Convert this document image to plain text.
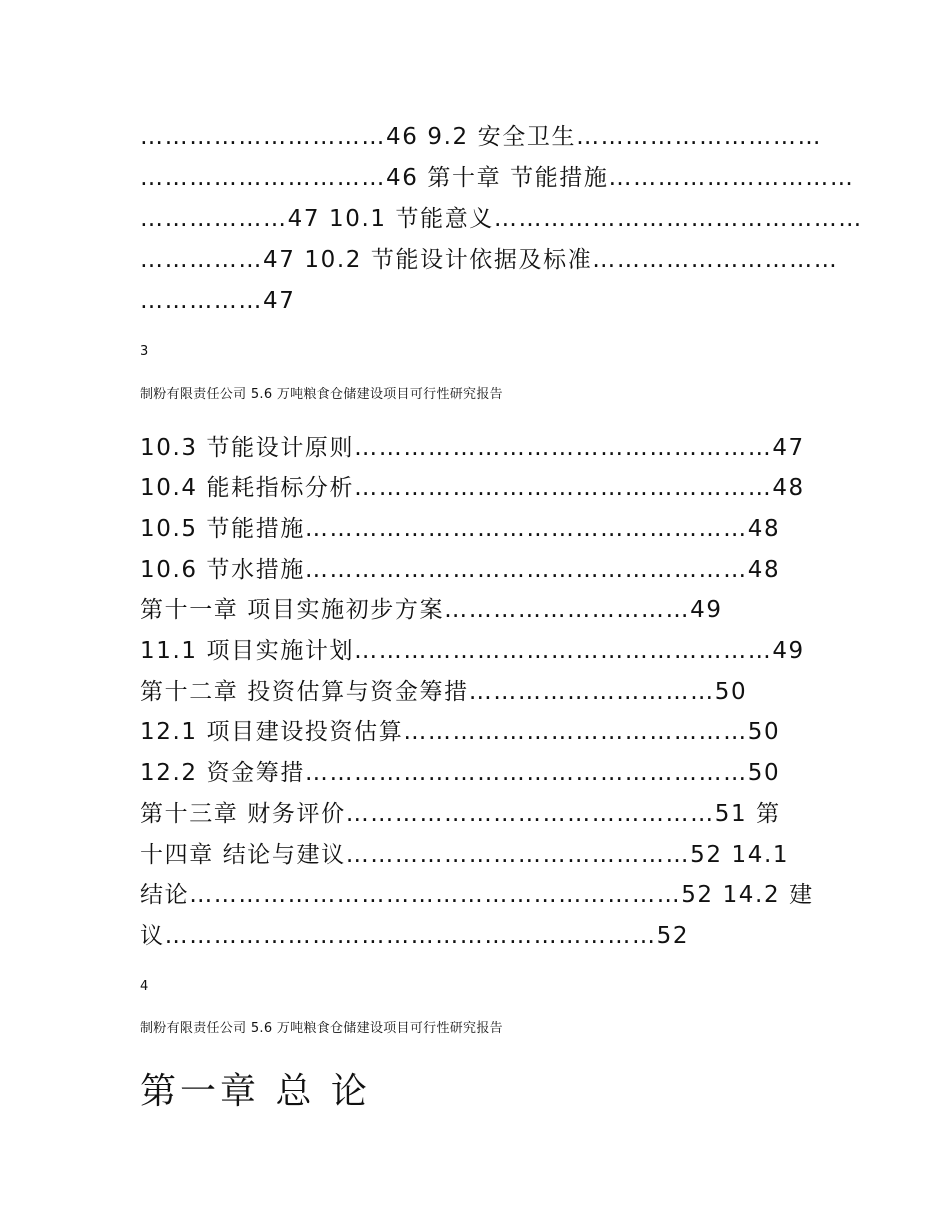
…………………………46 9.2 安全卫生…………………………
…………………………46 第十章 节能措施…………………………
………………47 10.1 节能意义………………………………………
……………47 10.2 节能设计依据及标准…………………………
……………47
3
制粉有限责任公司 5.6 万吨粮食仓储建设项目可行性研究报告
10.3 节能设计原则……………………………………………47
10.4 能耗指标分析……………………………………………48
10.5 节能措施………………………………………………48
10.6 节水措施………………………………………………48
第十一章 项目实施初步方案…………………………49
11.1 项目实施计划……………………………………………49
第十二章 投资估算与资金筹措…………………………50
12.1 项目建设投资估算……………………………………50
12.2 资金筹措………………………………………………50
第十三章 财务评价………………………………………51 第
十四章 结论与建议……………………………………52 14.1
结论……………………………………………………52 14.2 建
议……………………………………………………52
4
制粉有限责任公司 5.6 万吨粮食仓储建设项目可行性研究报告
第一章 总 论
